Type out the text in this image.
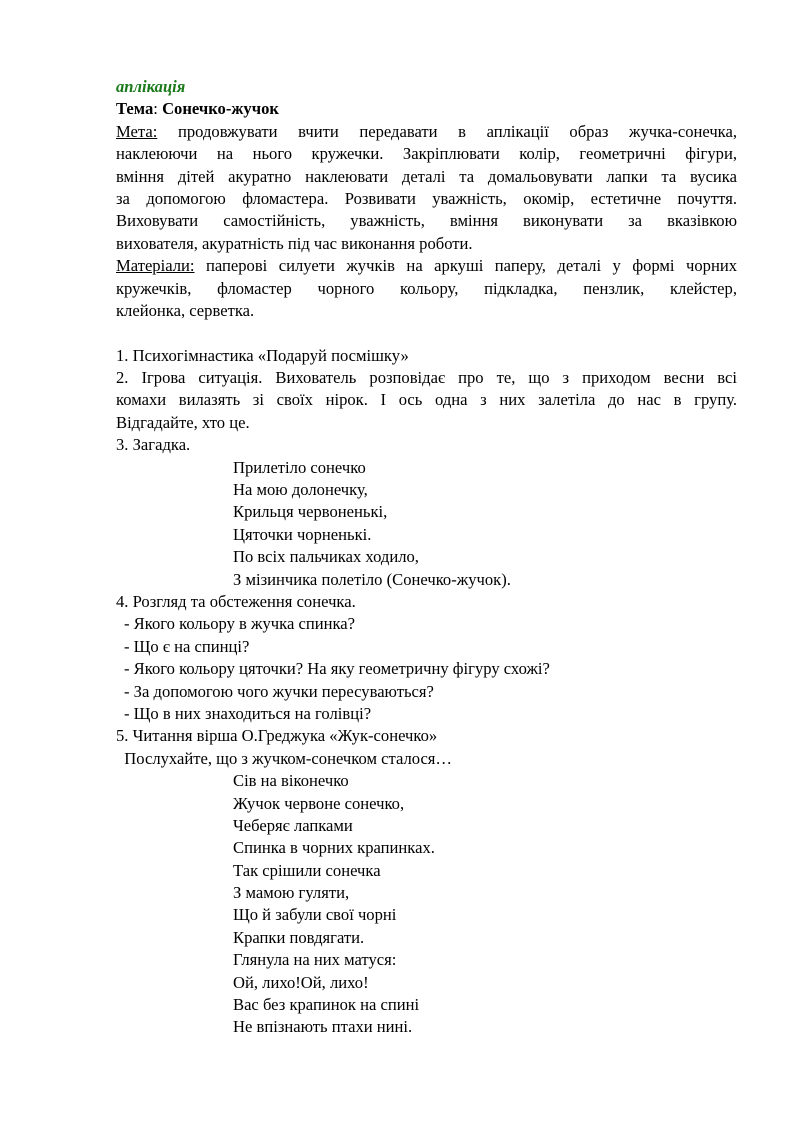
аплікація
Тема: Сонечко-жучок
Мета: продовжувати вчити передавати в аплікації образ жучка-сонечка,
наклеюючи на нього кружечки. Закріплювати колір, геометричні фігури,
вміння дітей акуратно наклеювати деталі та домальовувати лапки та вусика
за допомогою фломастера. Розвивати уважність, окомір, естетичне почуття.
Виховувати самостійність, уважність, вміння виконувати за вказівкою
вихователя, акуратність під час виконання роботи.
Матеріали: паперові силуети жучків на аркуші паперу, деталі у формі чорних
кружечків, фломастер чорного кольору, підкладка, пензлик, клейстер,
клейонка, серветка.
1. Психогімнастика «Подаруй посмішку»
2. Ігрова ситуація. Вихователь розповідає про те, що з приходом весни всі
комахи вилазять зі своїх нірок. І ось одна з них залетіла до нас в групу.
Відгадайте, хто це.
3. Загадка.
Прилетіло сонечко
На мою долонечку,
Крильця червоненькі,
Цяточки чорненькі.
По всіх пальчиках ходило,
З мізинчика полетіло (Сонечко-жучок).
4. Розгляд та обстеження сонечка.
- Якого кольору в жучка спинка?
- Що є на спинці?
- Якого кольору цяточки? На яку геометричну фігуру схожі?
- За допомогою чого жучки пересуваються?
- Що в них знаходиться на голівці?
5. Читання вірша О.Греджука «Жук-сонечко»
Послухайте, що з жучком-сонечком сталося…
Сів на віконечко
Жучок червоне сонечко,
Чеберяє лапками
Спинка в чорних крапинках.
Так срішили сонечка
З мамою гуляти,
Що й забули свої чорні
Крапки повдягати.
Глянула на них матуся:
Ой, лихо!Ой, лихо!
Вас без крапинок на спині
Не впізнають птахи нині.
